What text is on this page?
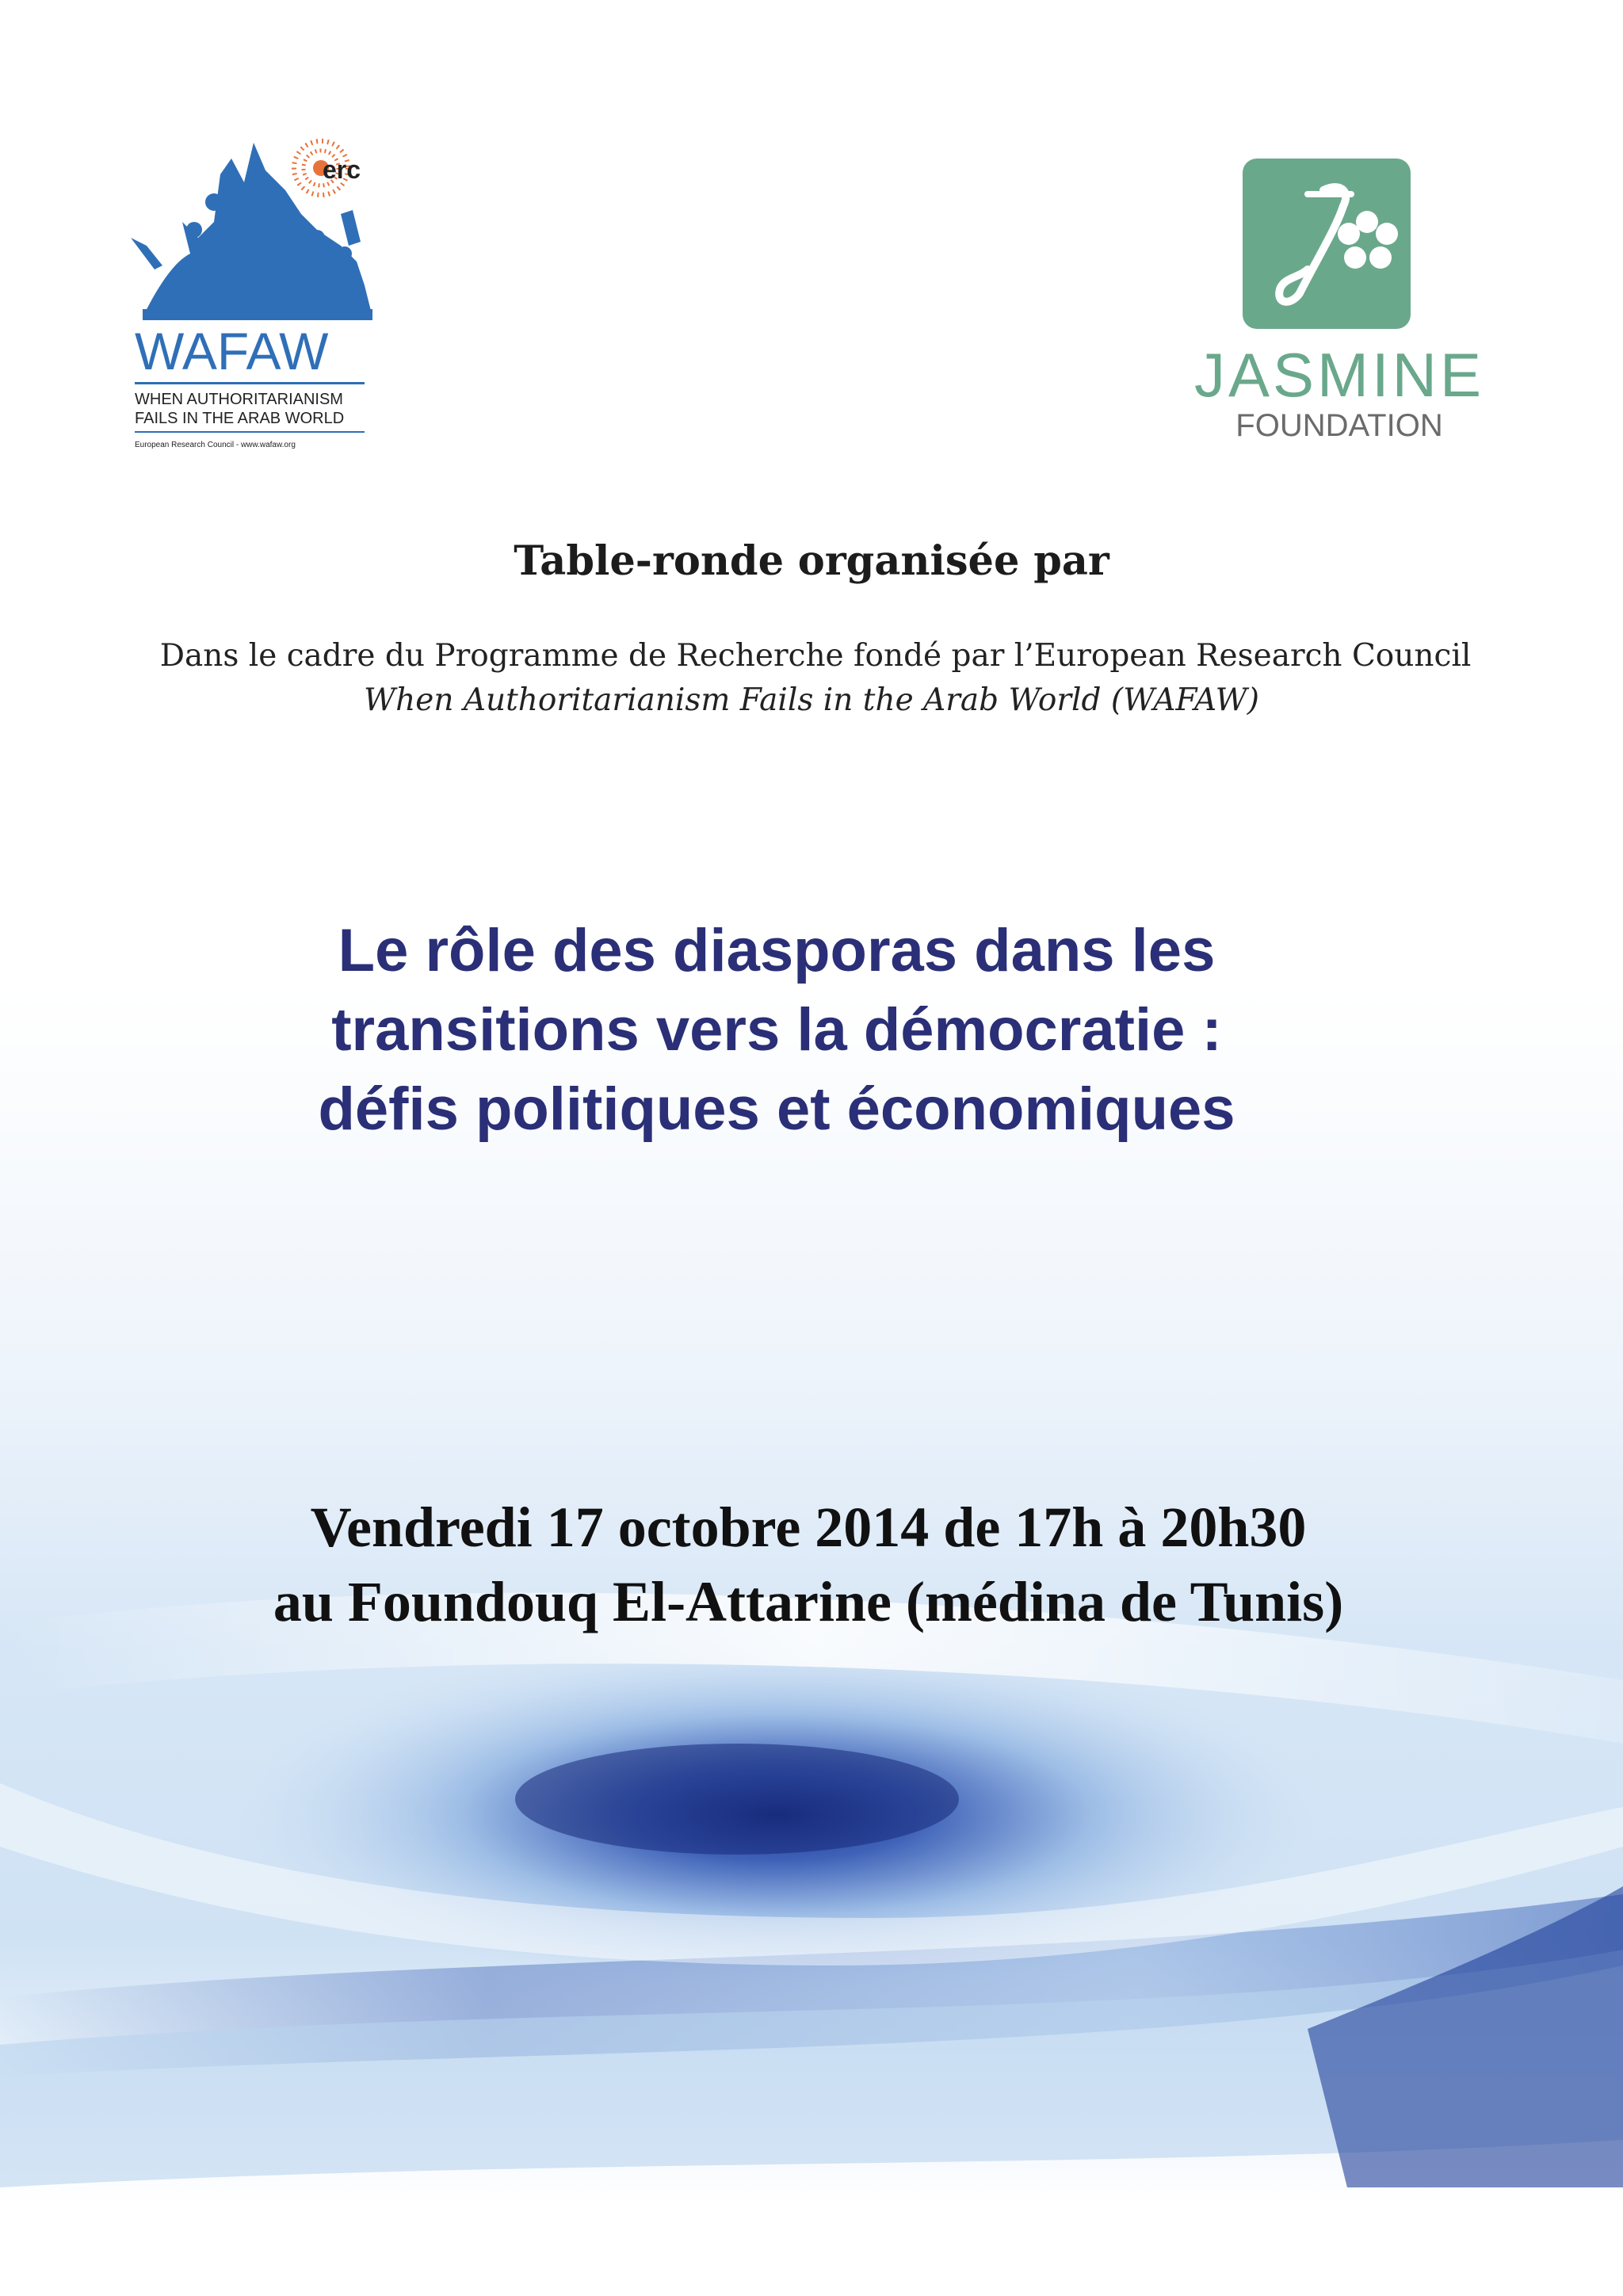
erc
WAFAW
WHEN AUTHORITARIANISM
FAILS IN THE ARAB WORLD
European Research Council - www.wafaw.org
JASMINE
FOUNDATION
Table-ronde organisée par
Dans le cadre du Programme de Recherche fondé par l’European Research Council
When Authoritarianism Fails in the Arab World (WAFAW)
Le rôle des diasporas dans les
transitions vers la démocratie :
défis politiques et économiques
Vendredi 17 octobre 2014 de 17h à 20h30
au Foundouq El-Attarine (médina de Tunis)
